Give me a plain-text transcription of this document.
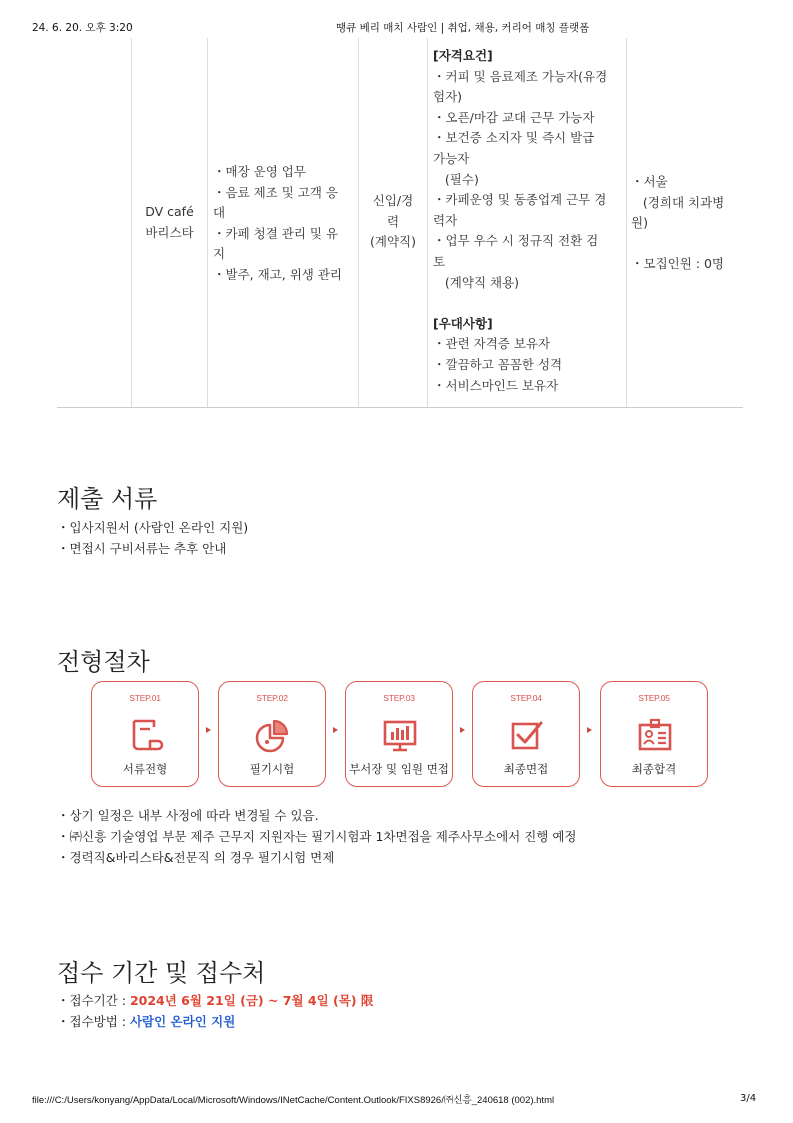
24. 6. 20. 오후 3:20	땡큐 베리 매치 사람인 | 취업, 채용, 커리어 매칭 플랫폼
DV café
바리스타
・매장 운영 업무
・음료 제조 및 고객 응
대
・카페 청결 관리 및 유
지
・발주, 재고, 위생 관리
신입/경
력
(계약직)
[자격요건]
・커피 및 음료제조 가능자(유경
험자)
・오픈/마감 교대 근무 가능자
・보건증 소지자 및 즉시 발급
가능자
(필수)
・카페운영 및 동종업계 근무 경
력자
・업무 우수 시 정규직 전환 검
토
(계약직 채용)

[우대사항]
・관련 자격증 보유자
・깔끔하고 꼼꼼한 성격
・서비스마인드 보유자
・서울
(경희대 치과병
원)

・모집인원 : 0명
제출 서류
・입사지원서 (사람인 온라인 지원)
・면접시 구비서류는 추후 안내
전형절차
STEP.01
서류전형
STEP.02
필기시험
STEP.03
부서장 및 임원 면접
STEP.04
최종면접
STEP.05
최종합격
・상기 일정은 내부 사정에 따라 변경될 수 있음.
・㈜신흥 기술영업 부문 제주 근무지 지원자는 필기시험과 1차면접을 제주사무소에서 진행 예정
・경력직&바리스타&전문직 의 경우 필기시험 면제
접수 기간 및 접수처
・접수기간 : 2024년 6월 21일 (금) ~ 7월 4일 (목) 限
・접수방법 : 사람인 온라인 지원
file:///C:/Users/konyang/AppData/Local/Microsoft/Windows/INetCache/Content.Outlook/FIXS8926/㈜신흥_240618 (002).html	3/4
